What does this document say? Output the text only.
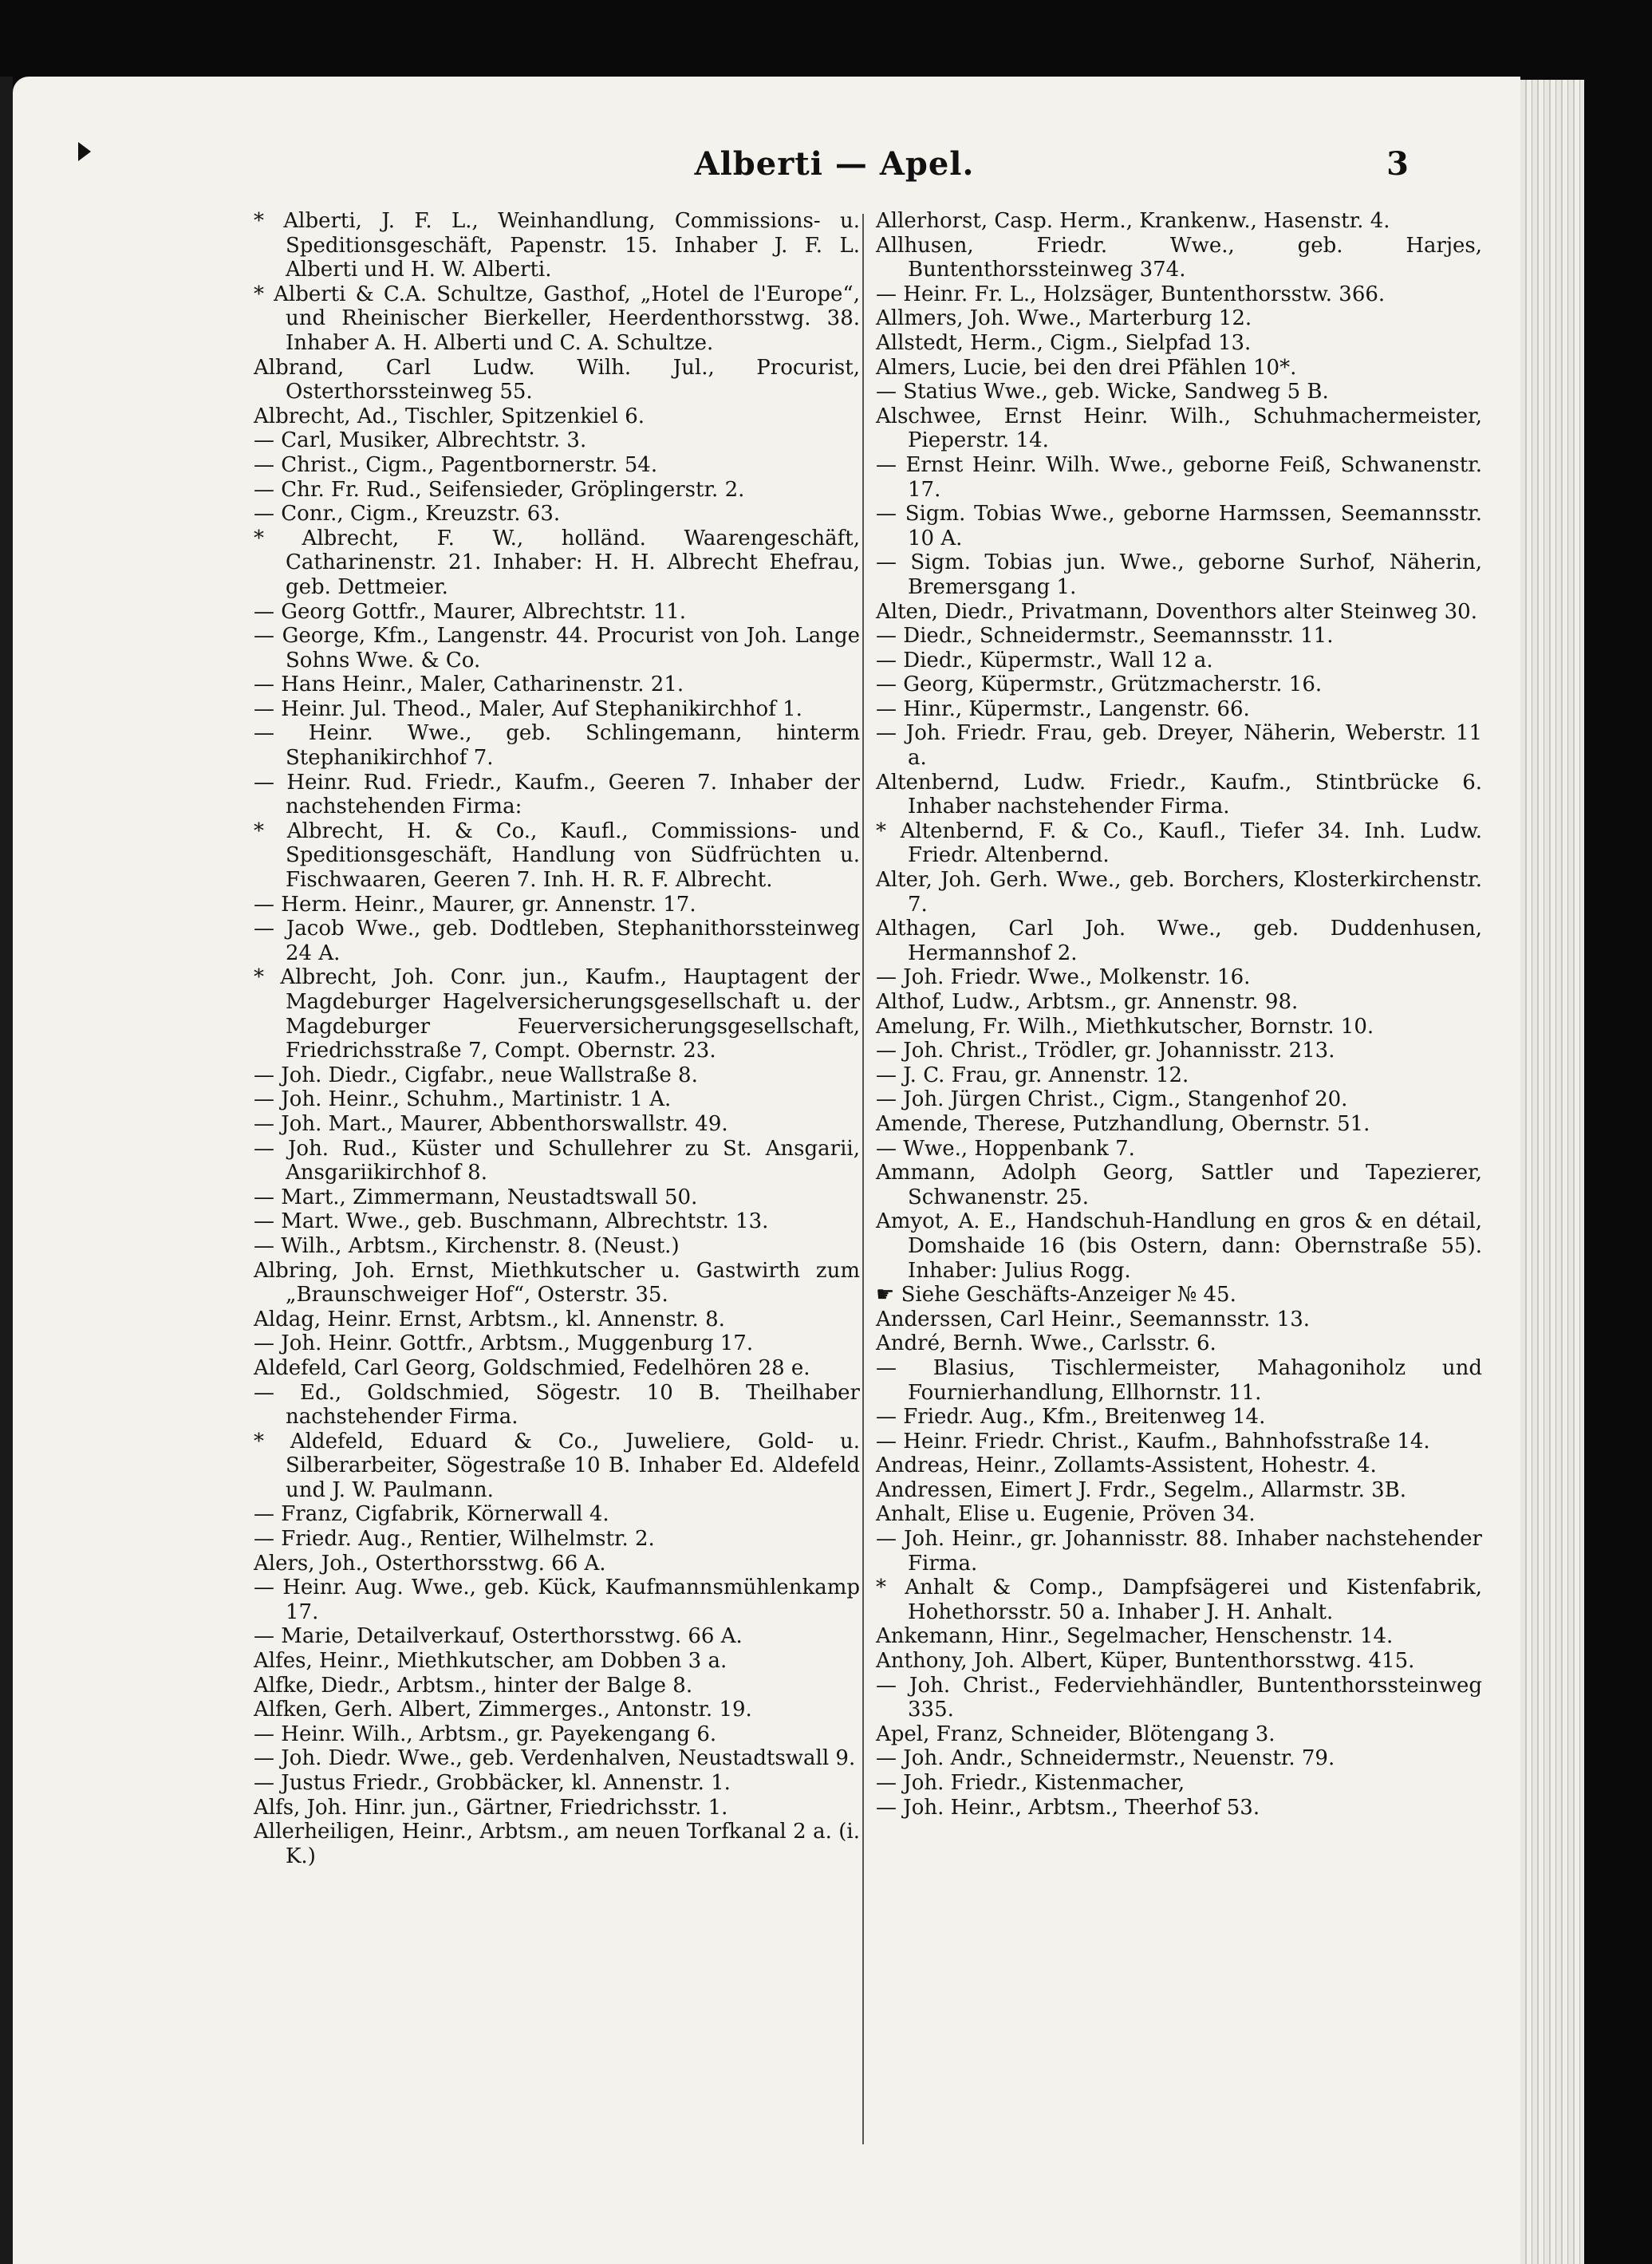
Alberti — Apel.	3

* Alberti, J. F. L., Weinhandlung, Commissions- u. Speditionsgeschäft, Papenstr. 15. Inhaber J. F. L. Alberti und H. W. Alberti.

* Alberti & C.A. Schultze, Gasthof, „Hotel de l'Europe“, und Rheinischer Bierkeller, Heerdenthorsstwg. 38. Inhaber A. H. Alberti und C. A. Schultze.

Albrand, Carl Ludw. Wilh. Jul., Procurist, Osterthorssteinweg 55.

Albrecht, Ad., Tischler, Spitzenkiel 6.

— Carl, Musiker, Albrechtstr. 3.

— Christ., Cigm., Pagentbornerstr. 54.

— Chr. Fr. Rud., Seifensieder, Gröplingerstr. 2.

— Conr., Cigm., Kreuzstr. 63.

* Albrecht, F. W., holländ. Waarengeschäft, Catharinenstr. 21. Inhaber: H. H. Albrecht Ehefrau, geb. Dettmeier.

— Georg Gottfr., Maurer, Albrechtstr. 11.

— George, Kfm., Langenstr. 44. Procurist von Joh. Lange Sohns Wwe. & Co.

— Hans Heinr., Maler, Catharinenstr. 21.

— Heinr. Jul. Theod., Maler, Auf Stephanikirchhof 1.

— Heinr. Wwe., geb. Schlingemann, hinterm Stephanikirchhof 7.

— Heinr. Rud. Friedr., Kaufm., Geeren 7. Inhaber der nachstehenden Firma:

* Albrecht, H. & Co., Kaufl., Commissions- und Speditionsgeschäft, Handlung von Südfrüchten u. Fischwaaren, Geeren 7. Inh. H. R. F. Albrecht.

— Herm. Heinr., Maurer, gr. Annenstr. 17.

— Jacob Wwe., geb. Dodtleben, Stephanithorssteinweg 24 A.

* Albrecht, Joh. Conr. jun., Kaufm., Hauptagent der Magdeburger Hagelversicherungsgesellschaft u. der Magdeburger Feuerversicherungsgesellschaft, Friedrichsstraße 7, Compt. Obernstr. 23.

— Joh. Diedr., Cigfabr., neue Wallstraße 8.

— Joh. Heinr., Schuhm., Martinistr. 1 A.

— Joh. Mart., Maurer, Abbenthorswallstr. 49.

— Joh. Rud., Küster und Schullehrer zu St. Ansgarii, Ansgariikirchhof 8.

— Mart., Zimmermann, Neustadtswall 50.

— Mart. Wwe., geb. Buschmann, Albrechtstr. 13.

— Wilh., Arbtsm., Kirchenstr. 8. (Neust.)

Albring, Joh. Ernst, Miethkutscher u. Gastwirth zum „Braunschweiger Hof“, Osterstr. 35.

Aldag, Heinr. Ernst, Arbtsm., kl. Annenstr. 8.

— Joh. Heinr. Gottfr., Arbtsm., Muggenburg 17.

Aldefeld, Carl Georg, Goldschmied, Fedelhören 28 e.

— Ed., Goldschmied, Sögestr. 10 B. Theilhaber nachstehender Firma.

* Aldefeld, Eduard & Co., Juweliere, Gold- u. Silberarbeiter, Sögestraße 10 B. Inhaber Ed. Aldefeld und J. W. Paulmann.

— Franz, Cigfabrik, Körnerwall 4.

— Friedr. Aug., Rentier, Wilhelmstr. 2.

Alers, Joh., Osterthorsstwg. 66 A.

— Heinr. Aug. Wwe., geb. Kück, Kaufmannsmühlenkamp 17.

— Marie, Detailverkauf, Osterthorsstwg. 66 A.

Alfes, Heinr., Miethkutscher, am Dobben 3 a.

Alfke, Diedr., Arbtsm., hinter der Balge 8.

Alfken, Gerh. Albert, Zimmerges., Antonstr. 19.

— Heinr. Wilh., Arbtsm., gr. Payekengang 6.

— Joh. Diedr. Wwe., geb. Verdenhalven, Neustadtswall 9.

— Justus Friedr., Grobbäcker, kl. Annenstr. 1.

Alfs, Joh. Hinr. jun., Gärtner, Friedrichsstr. 1.

Allerheiligen, Heinr., Arbtsm., am neuen Torfkanal 2 a. (i. K.)

Allerhorst, Casp. Herm., Krankenw., Hasenstr. 4.

Allhusen, Friedr. Wwe., geb. Harjes, Buntenthorssteinweg 374.

— Heinr. Fr. L., Holzsäger, Buntenthorsstw. 366.

Allmers, Joh. Wwe., Marterburg 12.

Allstedt, Herm., Cigm., Sielpfad 13.

Almers, Lucie, bei den drei Pfählen 10*.

— Statius Wwe., geb. Wicke, Sandweg 5 B.

Alschwee, Ernst Heinr. Wilh., Schuhmachermeister, Pieperstr. 14.

— Ernst Heinr. Wilh. Wwe., geborne Feiß, Schwanenstr. 17.

— Sigm. Tobias Wwe., geborne Harmssen, Seemannsstr. 10 A.

— Sigm. Tobias jun. Wwe., geborne Surhof, Näherin, Bremersgang 1.

Alten, Diedr., Privatmann, Doventhors alter Steinweg 30.

— Diedr., Schneidermstr., Seemannsstr. 11.

— Diedr., Küpermstr., Wall 12 a.

— Georg, Küpermstr., Grützmacherstr. 16.

— Hinr., Küpermstr., Langenstr. 66.

— Joh. Friedr. Frau, geb. Dreyer, Näherin, Weberstr. 11 a.

Altenbernd, Ludw. Friedr., Kaufm., Stintbrücke 6. Inhaber nachstehender Firma.

* Altenbernd, F. & Co., Kaufl., Tiefer 34. Inh. Ludw. Friedr. Altenbernd.

Alter, Joh. Gerh. Wwe., geb. Borchers, Klosterkirchenstr. 7.

Althagen, Carl Joh. Wwe., geb. Duddenhusen, Hermannshof 2.

— Joh. Friedr. Wwe., Molkenstr. 16.

Althof, Ludw., Arbtsm., gr. Annenstr. 98.

Amelung, Fr. Wilh., Miethkutscher, Bornstr. 10.

— Joh. Christ., Trödler, gr. Johannisstr. 213.

— J. C. Frau, gr. Annenstr. 12.

— Joh. Jürgen Christ., Cigm., Stangenhof 20.

Amende, Therese, Putzhandlung, Obernstr. 51.

— Wwe., Hoppenbank 7.

Ammann, Adolph Georg, Sattler und Tapezierer, Schwanenstr. 25.

Amyot, A. E., Handschuh-Handlung en gros & en détail, Domshaide 16 (bis Ostern, dann: Obernstraße 55). Inhaber: Julius Rogg.

☛ Siehe Geschäfts-Anzeiger № 45.

Anderssen, Carl Heinr., Seemannsstr. 13.

André, Bernh. Wwe., Carlsstr. 6.

— Blasius, Tischlermeister, Mahagoniholz und Fournierhandlung, Ellhornstr. 11.

— Friedr. Aug., Kfm., Breitenweg 14.

— Heinr. Friedr. Christ., Kaufm., Bahnhofsstraße 14.

Andreas, Heinr., Zollamts-Assistent, Hohestr. 4.

Andressen, Eimert J. Frdr., Segelm., Allarmstr. 3B.

Anhalt, Elise u. Eugenie, Pröven 34.

— Joh. Heinr., gr. Johannisstr. 88. Inhaber nachstehender Firma.

* Anhalt & Comp., Dampfsägerei und Kistenfabrik, Hohethorsstr. 50 a. Inhaber J. H. Anhalt.

Ankemann, Hinr., Segelmacher, Henschenstr. 14.

Anthony, Joh. Albert, Küper, Buntenthorsstwg. 415.

— Joh. Christ., Federviehhändler, Buntenthorssteinweg 335.

Apel, Franz, Schneider, Blötengang 3.

— Joh. Andr., Schneidermstr., Neuenstr. 79.

— Joh. Friedr., Kistenmacher,

— Joh. Heinr., Arbtsm., Theerhof 53.
